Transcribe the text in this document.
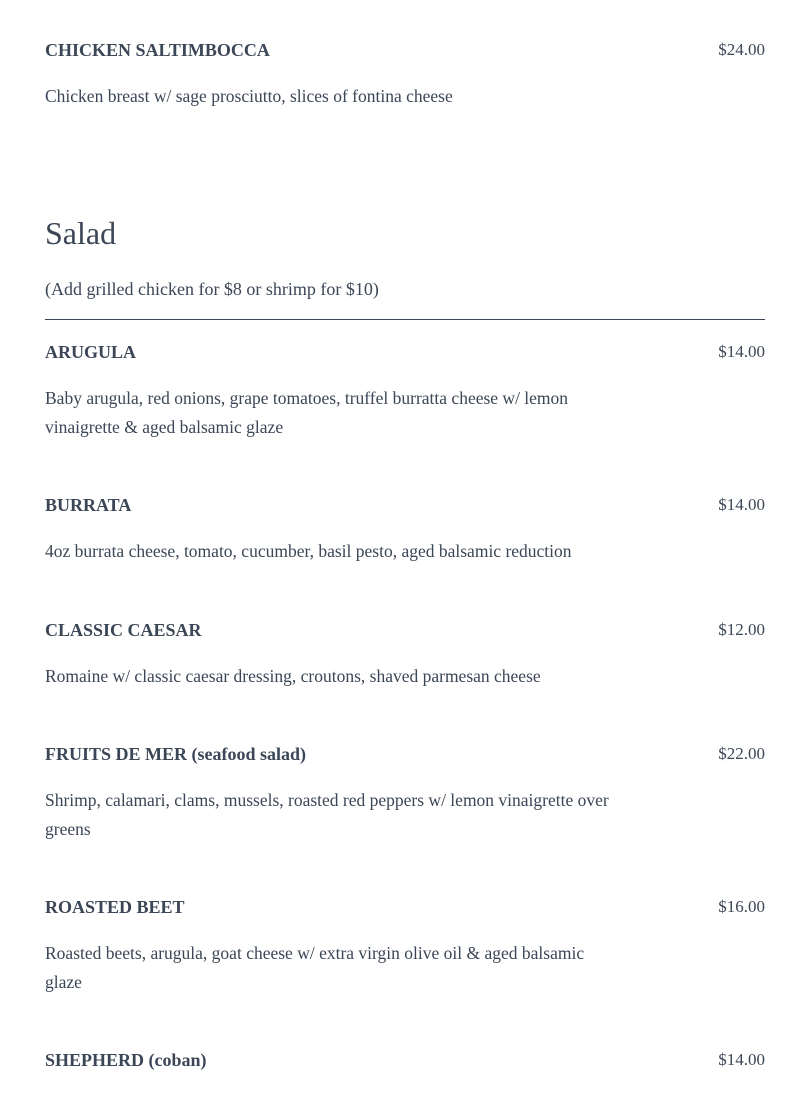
CHICKEN SALTIMBOCCA	$24.00
Chicken breast w/ sage prosciutto, slices of fontina cheese
Salad
(Add grilled chicken for $8 or shrimp for $10)
ARUGULA	$14.00
Baby arugula, red onions, grape tomatoes, truffel burratta cheese w/ lemon vinaigrette & aged balsamic glaze
BURRATA	$14.00
4oz burrata cheese, tomato, cucumber, basil pesto, aged balsamic reduction
CLASSIC CAESAR	$12.00
Romaine w/ classic caesar dressing, croutons, shaved parmesan cheese
FRUITS DE MER (seafood salad)	$22.00
Shrimp, calamari, clams, mussels, roasted red peppers w/ lemon vinaigrette over greens
ROASTED BEET	$16.00
Roasted beets, arugula, goat cheese w/ extra virgin olive oil & aged balsamic glaze
SHEPHERD (coban)	$14.00
